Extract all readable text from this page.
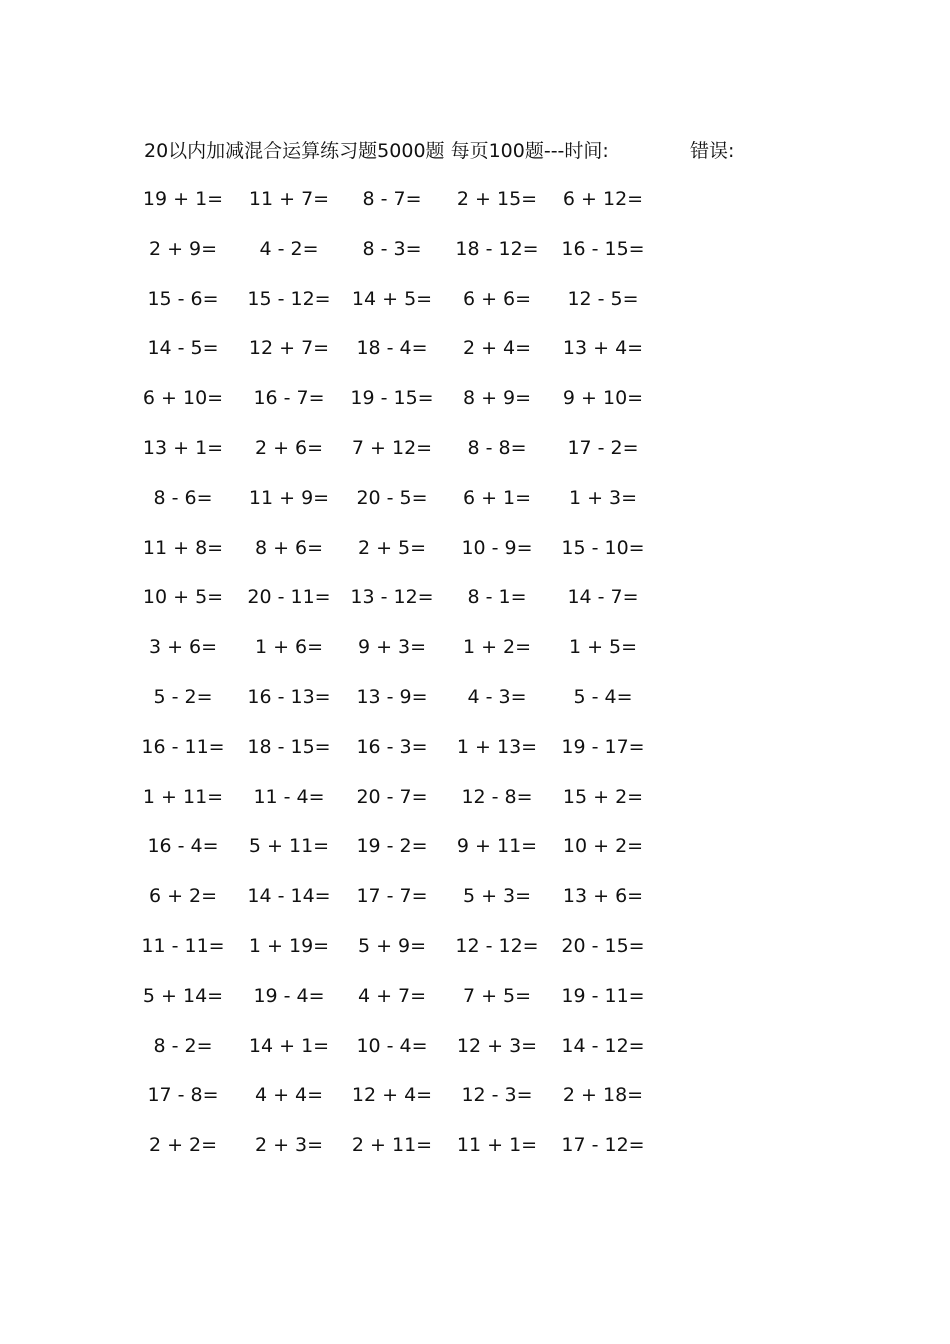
20以内加减混合运算练习题5000题 每页100题---时间:	错误:
19 + 1=	11 + 7=	8 - 7=	2 + 15=	6 + 12=
2 + 9=	4 - 2=	8 - 3=	18 - 12=	16 - 15=
15 - 6=	15 - 12=	14 + 5=	6 + 6=	12 - 5=
14 - 5=	12 + 7=	18 - 4=	2 + 4=	13 + 4=
6 + 10=	16 - 7=	19 - 15=	8 + 9=	9 + 10=
13 + 1=	2 + 6=	7 + 12=	8 - 8=	17 - 2=
8 - 6=	11 + 9=	20 - 5=	6 + 1=	1 + 3=
11 + 8=	8 + 6=	2 + 5=	10 - 9=	15 - 10=
10 + 5=	20 - 11=	13 - 12=	8 - 1=	14 - 7=
3 + 6=	1 + 6=	9 + 3=	1 + 2=	1 + 5=
5 - 2=	16 - 13=	13 - 9=	4 - 3=	5 - 4=
16 - 11=	18 - 15=	16 - 3=	1 + 13=	19 - 17=
1 + 11=	11 - 4=	20 - 7=	12 - 8=	15 + 2=
16 - 4=	5 + 11=	19 - 2=	9 + 11=	10 + 2=
6 + 2=	14 - 14=	17 - 7=	5 + 3=	13 + 6=
11 - 11=	1 + 19=	5 + 9=	12 - 12=	20 - 15=
5 + 14=	19 - 4=	4 + 7=	7 + 5=	19 - 11=
8 - 2=	14 + 1=	10 - 4=	12 + 3=	14 - 12=
17 - 8=	4 + 4=	12 + 4=	12 - 3=	2 + 18=
2 + 2=	2 + 3=	2 + 11=	11 + 1=	17 - 12=
